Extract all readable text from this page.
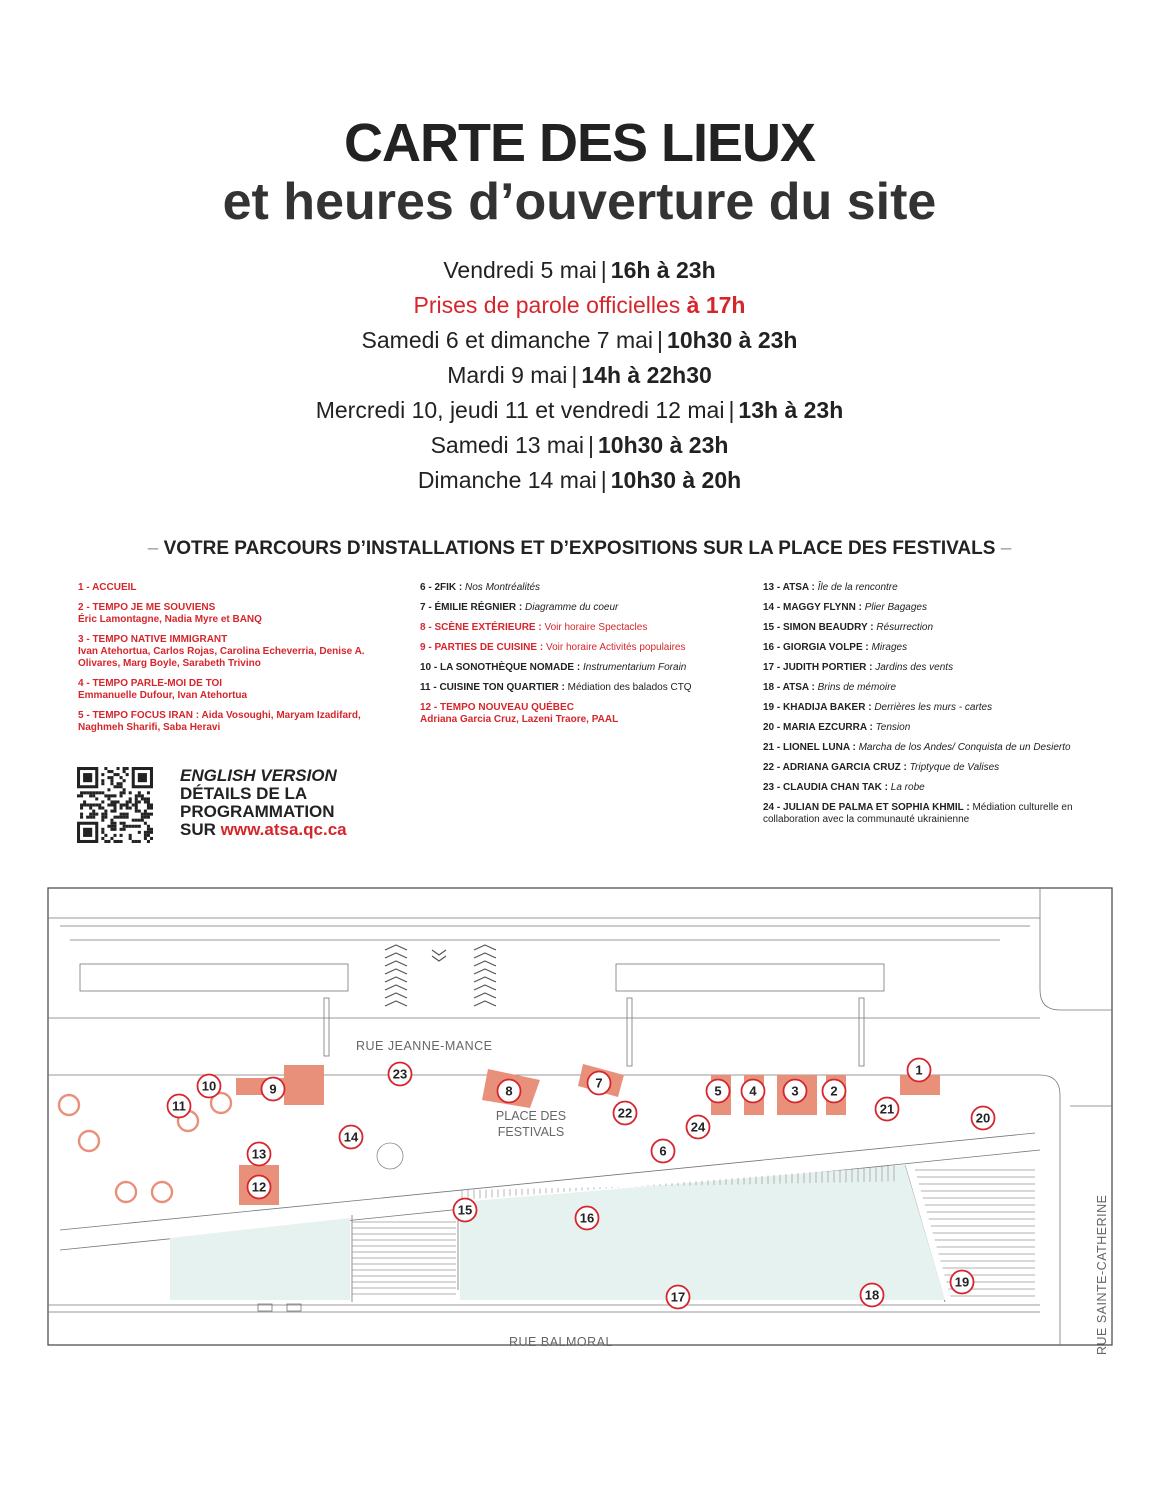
CARTE DES LIEUX
et heures d’ouverture du site
Vendredi 5 mai | 16h à 23h
Prises de parole officielles à 17h
Samedi 6 et dimanche 7 mai | 10h30 à 23h
Mardi 9 mai | 14h à 22h30
Mercredi 10, jeudi 11 et vendredi 12 mai | 13h à 23h
Samedi 13 mai | 10h30 à 23h
Dimanche 14 mai | 10h30 à 20h
– VOTRE PARCOURS D’INSTALLATIONS ET D’EXPOSITIONS SUR LA PLACE DES FESTIVALS –
1 - ACCUEIL
2 - TEMPO JE ME SOUVIENS
Éric Lamontagne, Nadia Myre et BANQ
3 - TEMPO NATIVE IMMIGRANT
Ivan Atehortua, Carlos Rojas, Carolina Echeverria, Denise A. Olivares, Marg Boyle, Sarabeth Trivino
4 - TEMPO PARLE-MOI DE TOI
Emmanuelle Dufour, Ivan Atehortua
5 - TEMPO FOCUS IRAN : Aida Vosoughi, Maryam Izadifard, Naghmeh Sharifi, Saba Heravi
6 - 2FIK : Nos Montréalités
7 - ÉMILIE RÉGNIER : Diagramme du coeur
8 - SCÈNE EXTÉRIEURE : Voir horaire Spectacles
9 - PARTIES DE CUISINE : Voir horaire Activités populaires
10 - LA SONOTHÈQUE NOMADE : Instrumentarium Forain
11 - CUISINE TON QUARTIER : Médiation des balados CTQ
12 - TEMPO NOUVEAU QUÉBEC
Adriana Garcia Cruz, Lazeni Traore, PAAL
13 - ATSA : Île de la rencontre
14 - MAGGY FLYNN : Plier Bagages
15 - SIMON BEAUDRY : Résurrection
16 - GIORGIA VOLPE : Mirages
17 - JUDITH PORTIER : Jardins des vents
18 - ATSA : Brins de mémoire
19 - KHADIJA BAKER : Derrières les murs - cartes
20 - MARIA EZCURRA : Tension
21 - LIONEL LUNA : Marcha de los Andes/ Conquista de un Desierto
22 - ADRIANA GARCIA CRUZ : Triptyque de Valises
23 - CLAUDIA CHAN TAK : La robe
24 - JULIAN DE PALMA ET SOPHIA KHMIL : Médiation culturelle en collaboration avec la communauté ukrainienne
ENGLISH VERSION
DÉTAILS DE LA
PROGRAMMATION
SUR www.atsa.qc.ca
RUE JEANNE-MANCE
PLACE DES
FESTIVALS
RUE BALMORAL	RUE SAINTE-CATHERINE
1
2
3
4
5
6
7
8
9
10
11
12
13
14
15
16
17	18
19
20
21
22
23
24
